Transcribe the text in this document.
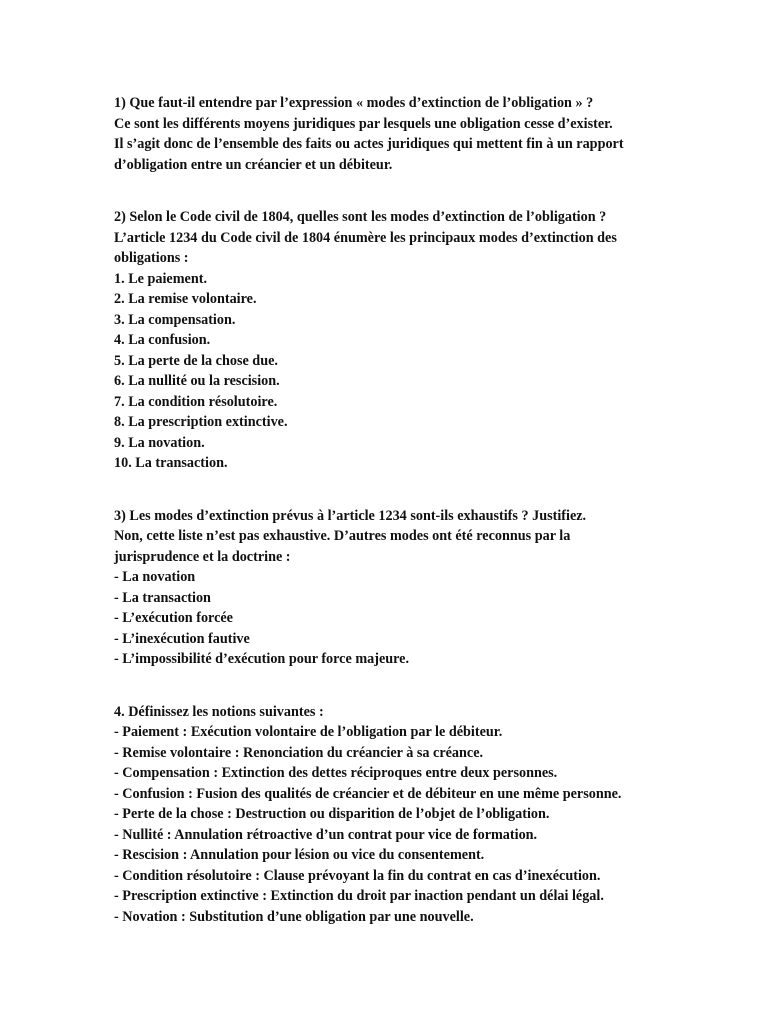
1) Que faut-il entendre par l’expression « modes d’extinction de l’obligation » ?
Ce sont les différents moyens juridiques par lesquels une obligation cesse d’exister.
Il s’agit donc de l’ensemble des faits ou actes juridiques qui mettent fin à un rapport
d’obligation entre un créancier et un débiteur.
2) Selon le Code civil de 1804, quelles sont les modes d’extinction de l’obligation ?
L’article 1234 du Code civil de 1804 énumère les principaux modes d’extinction des
obligations :
1. Le paiement.
2. La remise volontaire.
3. La compensation.
4. La confusion.
5. La perte de la chose due.
6. La nullité ou la rescision.
7. La condition résolutoire.
8. La prescription extinctive.
9. La novation.
10. La transaction.
3) Les modes d’extinction prévus à l’article 1234 sont-ils exhaustifs ? Justifiez.
Non, cette liste n’est pas exhaustive. D’autres modes ont été reconnus par la
jurisprudence et la doctrine :
- La novation
- La transaction
- L’exécution forcée
- L’inexécution fautive
- L’impossibilité d’exécution pour force majeure.
4. Définissez les notions suivantes :
- Paiement : Exécution volontaire de l’obligation par le débiteur.
- Remise volontaire : Renonciation du créancier à sa créance.
- Compensation : Extinction des dettes réciproques entre deux personnes.
- Confusion : Fusion des qualités de créancier et de débiteur en une même personne.
- Perte de la chose : Destruction ou disparition de l’objet de l’obligation.
- Nullité : Annulation rétroactive d’un contrat pour vice de formation.
- Rescision : Annulation pour lésion ou vice du consentement.
- Condition résolutoire : Clause prévoyant la fin du contrat en cas d’inexécution.
- Prescription extinctive : Extinction du droit par inaction pendant un délai légal.
- Novation : Substitution d’une obligation par une nouvelle.
